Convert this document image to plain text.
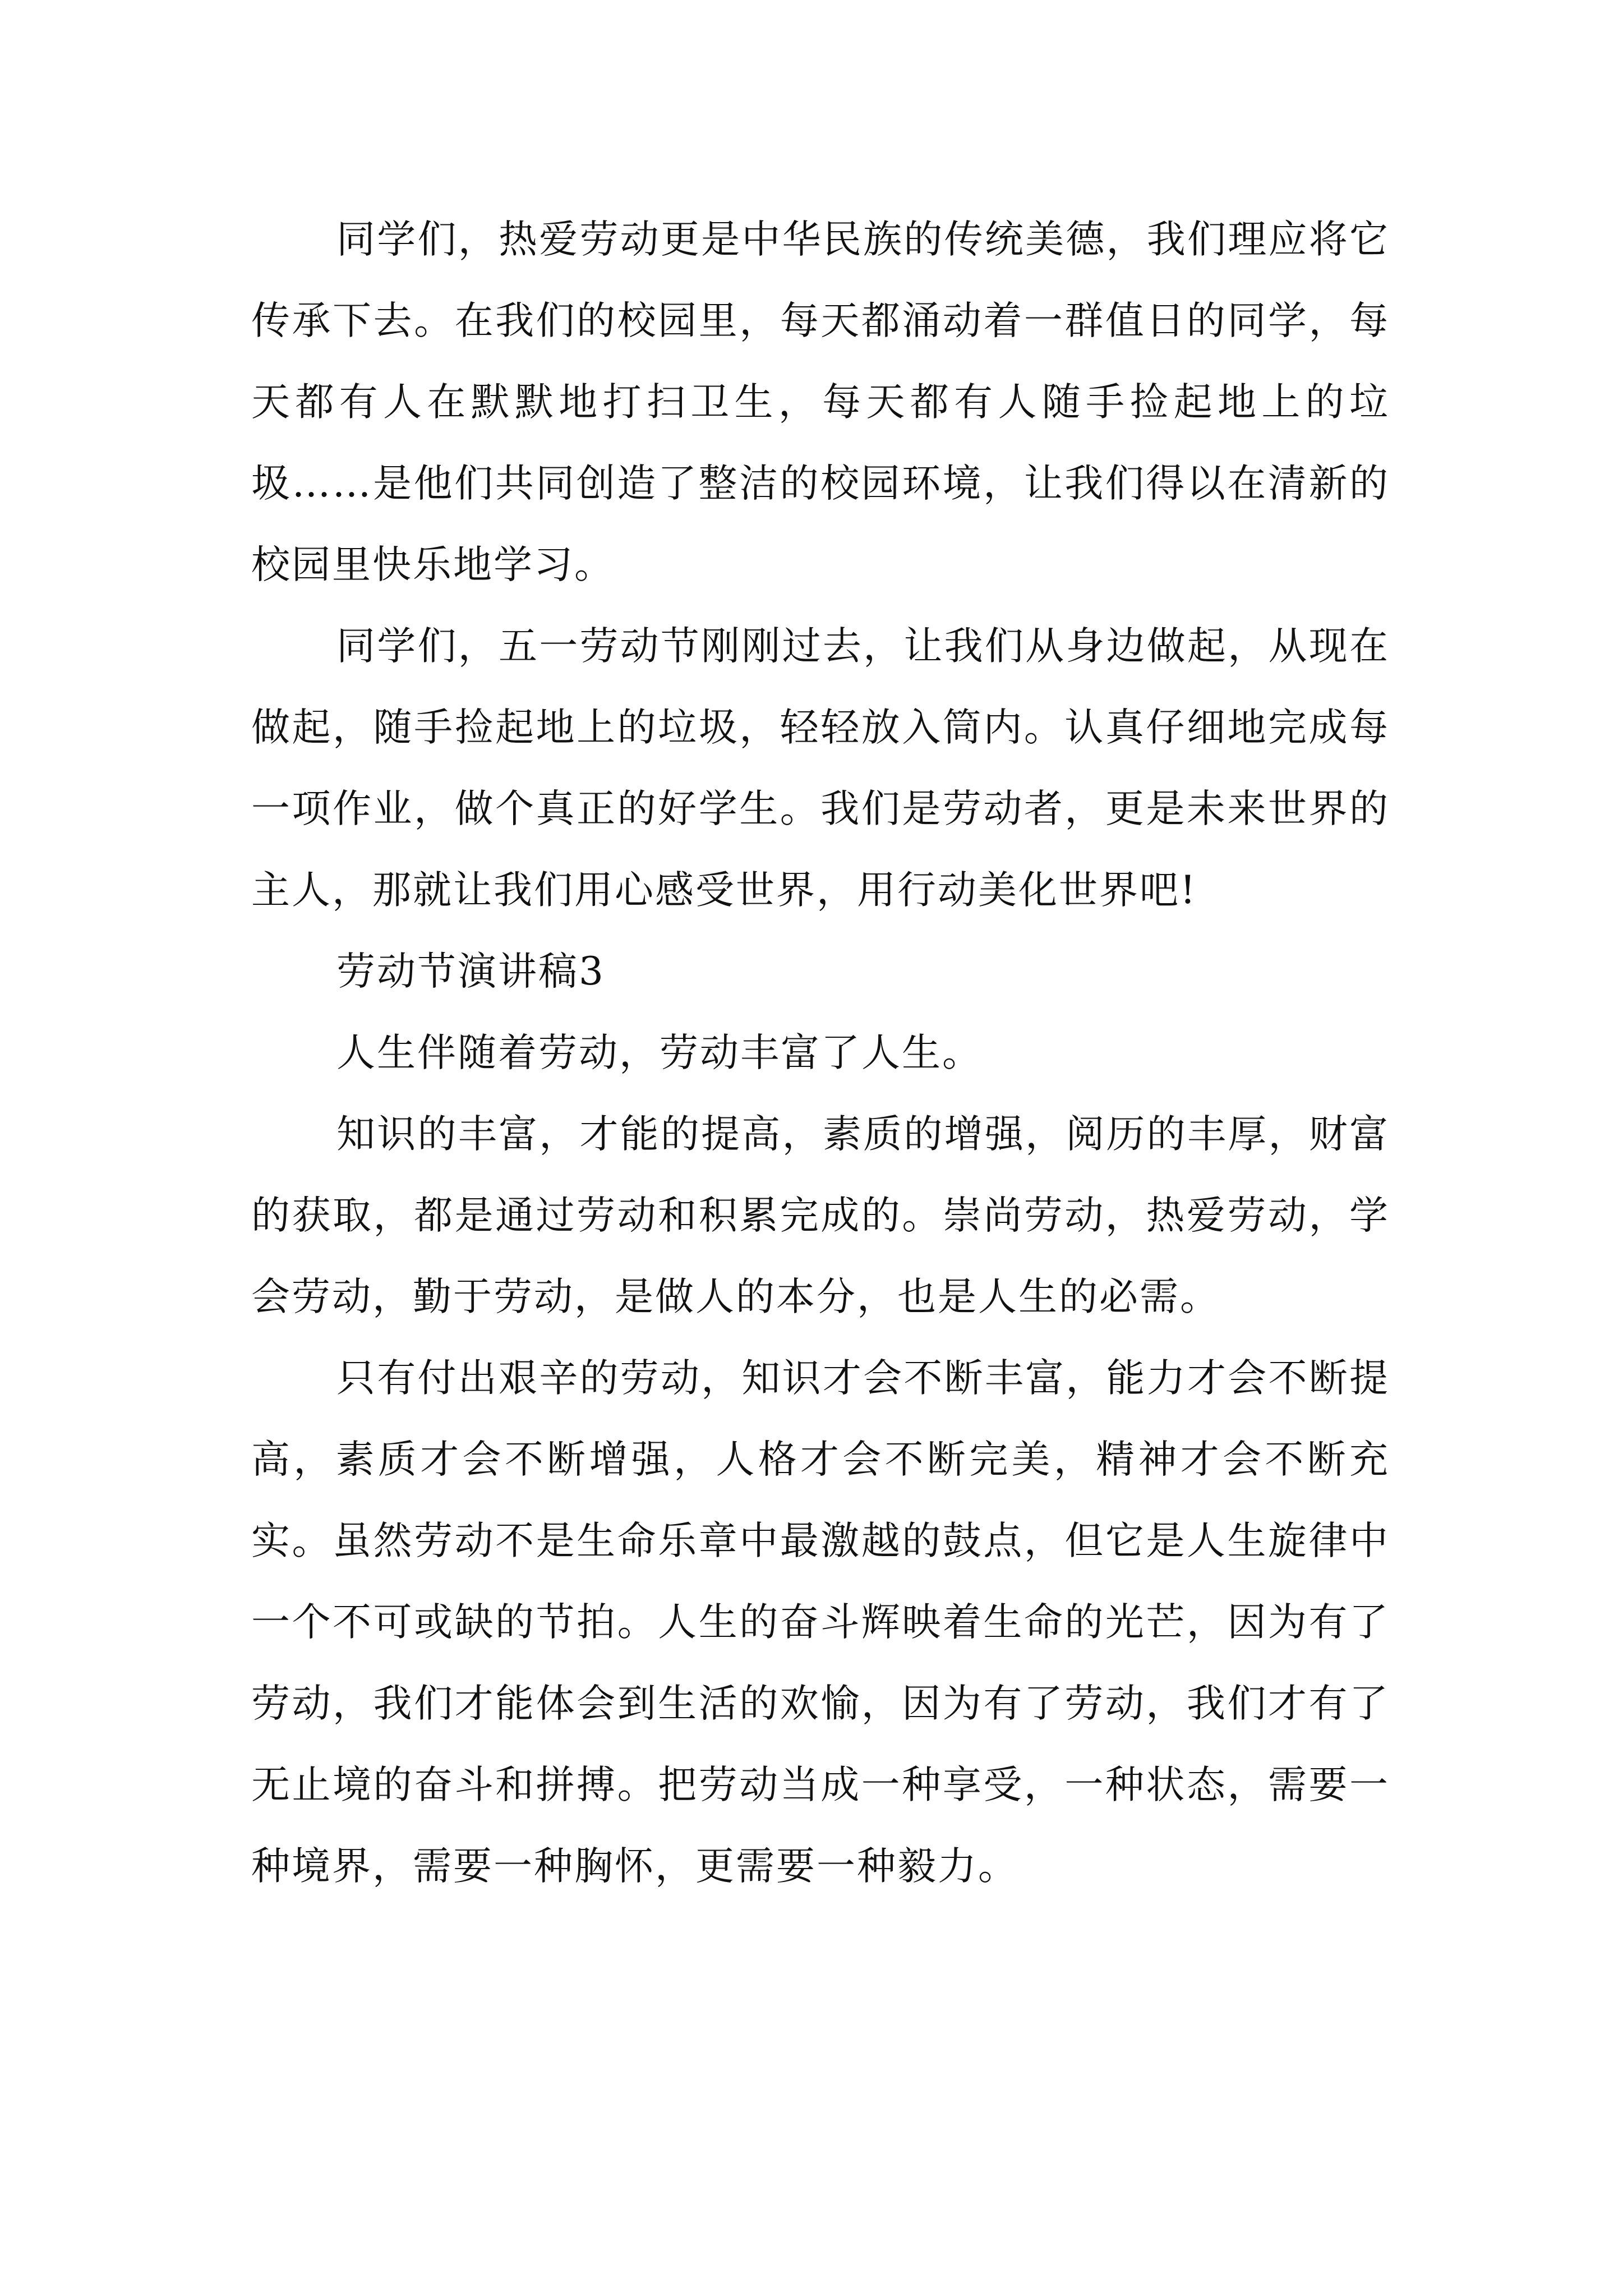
同学们，热爱劳动更是中华民族的传统美德，我们理应将它传承下去。在我们的校园里，每天都涌动着一群值日的同学，每天都有人在默默地打扫卫生，每天都有人随手捡起地上的垃圾……是他们共同创造了整洁的校园环境，让我们得以在清新的校园里快乐地学习。

同学们，五一劳动节刚刚过去，让我们从身边做起，从现在做起，随手捡起地上的垃圾，轻轻放入筒内。认真仔细地完成每一项作业，做个真正的好学生。我们是劳动者，更是未来世界的主人，那就让我们用心感受世界，用行动美化世界吧!

劳动节演讲稿3

人生伴随着劳动，劳动丰富了人生。

知识的丰富，才能的提高，素质的增强，阅历的丰厚，财富的获取，都是通过劳动和积累完成的。崇尚劳动，热爱劳动，学会劳动，勤于劳动，是做人的本分，也是人生的必需。

只有付出艰辛的劳动，知识才会不断丰富，能力才会不断提高，素质才会不断增强，人格才会不断完美，精神才会不断充实。虽然劳动不是生命乐章中最激越的鼓点，但它是人生旋律中一个不可或缺的节拍。人生的奋斗辉映着生命的光芒，因为有了劳动，我们才能体会到生活的欢愉，因为有了劳动，我们才有了无止境的奋斗和拼搏。把劳动当成一种享受，一种状态，需要一种境界，需要一种胸怀，更需要一种毅力。
